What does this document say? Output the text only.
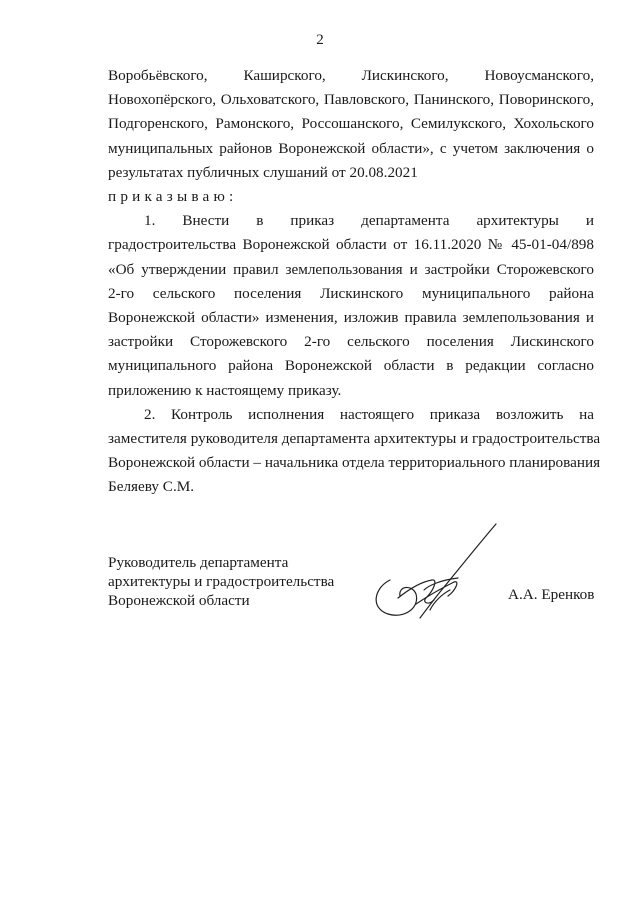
2
Воробьёвского, Каширского, Лискинского, Новоусманского,
Новохопёрского, Ольховатского, Павловского, Панинского, Поворинского,
Подгоренского, Рамонского, Россошанского, Семилукского, Хохольского
муниципальных районов Воронежской области», с учетом заключения о
результатах публичных слушаний от 20.08.2021
приказываю:
1. Внести в приказ департамента архитектуры и
градостроительства Воронежской области от 16.11.2020 № 45-01-04/898
«Об утверждении правил землепользования и застройки Сторожевского
2-го сельского поселения Лискинского муниципального района
Воронежской области» изменения, изложив правила землепользования и
застройки Сторожевского 2-го сельского поселения Лискинского
муниципального района Воронежской области в редакции согласно
приложению к настоящему приказу.
2. Контроль исполнения настоящего приказа возложить на
заместителя руководителя департамента архитектуры и градостроительства
Воронежской области – начальника отдела территориального планирования
Беляеву С.М.
Руководитель департамента
архитектуры и градостроительства
Воронежской области	А.А. Еренков
